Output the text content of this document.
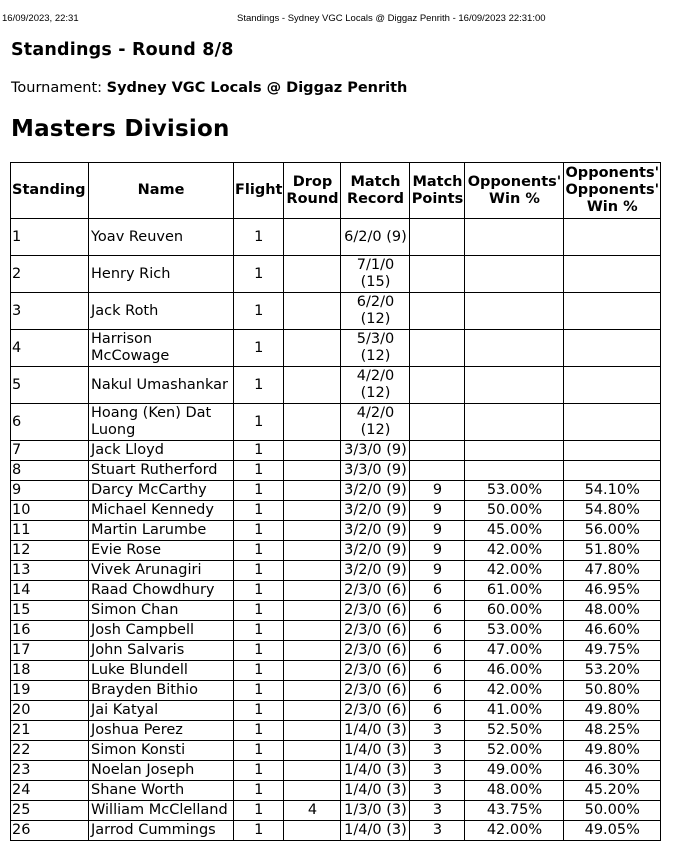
16/09/2023, 22:31	Standings - Sydney VGC Locals @ Diggaz Penrith - 16/09/2023 22:31:00
Standings - Round 8/8

Tournament: Sydney VGC Locals @ Diggaz Penrith

Masters Division
Standing	Name	Flight	Drop Round	Match Record	Match Points	Opponents' Win %	Opponents' Opponents' Win %
1	Yoav Reuven	1		6/2/0 (9)			
2	Henry Rich	1		7/1/0 (15)			
3	Jack Roth	1		6/2/0 (12)			
4	Harrison McCowage	1		5/3/0 (12)			
5	Nakul Umashankar	1		4/2/0 (12)			
6	Hoang (Ken) Dat Luong	1		4/2/0 (12)			
7	Jack Lloyd	1		3/3/0 (9)			
8	Stuart Rutherford	1		3/3/0 (9)			
9	Darcy McCarthy	1		3/2/0 (9)	9	53.00%	54.10%
10	Michael Kennedy	1		3/2/0 (9)	9	50.00%	54.80%
11	Martin Larumbe	1		3/2/0 (9)	9	45.00%	56.00%
12	Evie Rose	1		3/2/0 (9)	9	42.00%	51.80%
13	Vivek Arunagiri	1		3/2/0 (9)	9	42.00%	47.80%
14	Raad Chowdhury	1		2/3/0 (6)	6	61.00%	46.95%
15	Simon Chan	1		2/3/0 (6)	6	60.00%	48.00%
16	Josh Campbell	1		2/3/0 (6)	6	53.00%	46.60%
17	John Salvaris	1		2/3/0 (6)	6	47.00%	49.75%
18	Luke Blundell	1		2/3/0 (6)	6	46.00%	53.20%
19	Brayden Bithio	1		2/3/0 (6)	6	42.00%	50.80%
20	Jai Katyal	1		2/3/0 (6)	6	41.00%	49.80%
21	Joshua Perez	1		1/4/0 (3)	3	52.50%	48.25%
22	Simon Konsti	1		1/4/0 (3)	3	52.00%	49.80%
23	Noelan Joseph	1		1/4/0 (3)	3	49.00%	46.30%
24	Shane Worth	1		1/4/0 (3)	3	48.00%	45.20%
25	William McClelland	1	4	1/3/0 (3)	3	43.75%	50.00%
26	Jarrod Cummings	1		1/4/0 (3)	3	42.00%	49.05%
